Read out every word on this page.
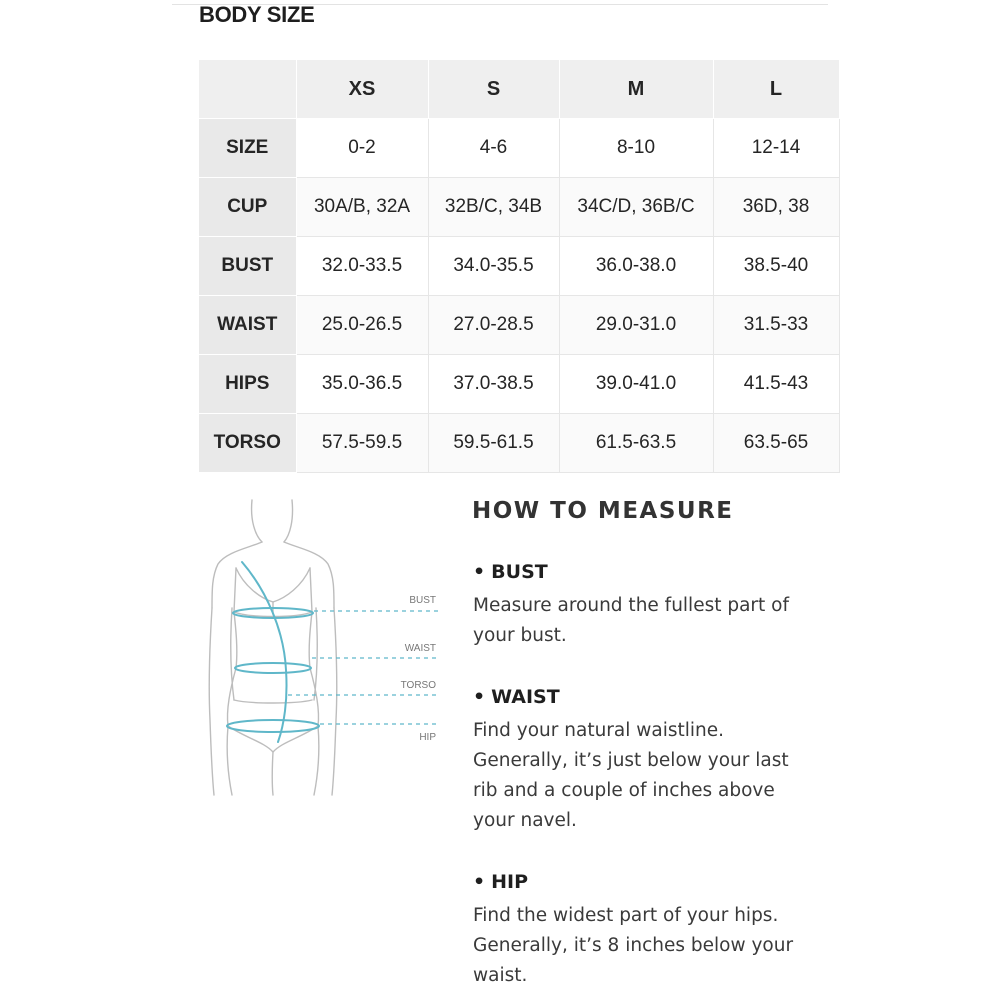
BODY SIZE
	XS	S	M	L
SIZE	0-2	4-6	8-10	12-14
CUP	30A/B, 32A	32B/C, 34B	34C/D, 36B/C	36D, 38
BUST	32.0-33.5	34.0-35.5	36.0-38.0	38.5-40
WAIST	25.0-26.5	27.0-28.5	29.0-31.0	31.5-33
HIPS	35.0-36.5	37.0-38.5	39.0-41.0	41.5-43
TORSO	57.5-59.5	59.5-61.5	61.5-63.5	63.5-65
BUST
WAIST
TORSO
HIP
HOW TO MEASURE
• BUST

Measure around the fullest part of your bust.

• WAIST

Find your natural waistline. Generally, it’s just below your last rib and a couple of inches above your navel.

• HIP

Find the widest part of your hips. Generally, it’s 8 inches below your waist.
